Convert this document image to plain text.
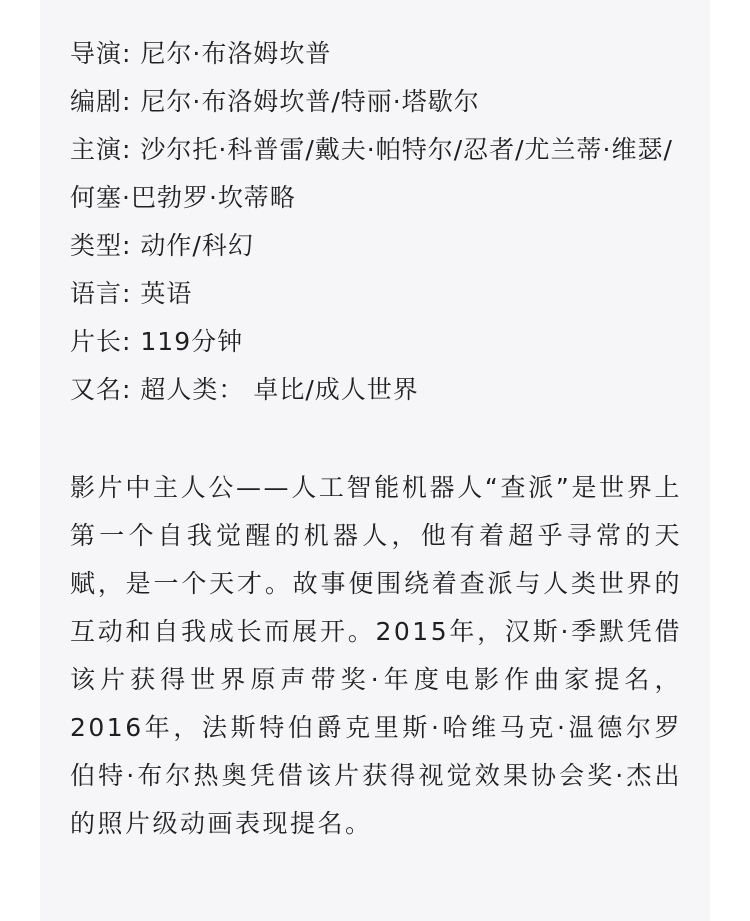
导演: 尼尔·布洛姆坎普
编剧: 尼尔·布洛姆坎普/特丽·塔歇尔
主演: 沙尔托·科普雷/戴夫·帕特尔/忍者/尤兰蒂·维瑟/何塞·巴勃罗·坎蒂略
类型: 动作/科幻
语言: 英语
片长: 119分钟
又名: 超人类： 卓比/成人世界

影片中主人公——人工智能机器人“查派”是世界上第一个自我觉醒的机器人，他有着超乎寻常的天赋，是一个天才。故事便围绕着查派与人类世界的互动和自我成长而展开。2015年，汉斯·季默凭借该片获得世界原声带奖·年度电影作曲家提名，2016年，法斯特伯爵克里斯·哈维马克·温德尔罗伯特·布尔热奥凭借该片获得视觉效果协会奖·杰出的照片级动画表现提名。
